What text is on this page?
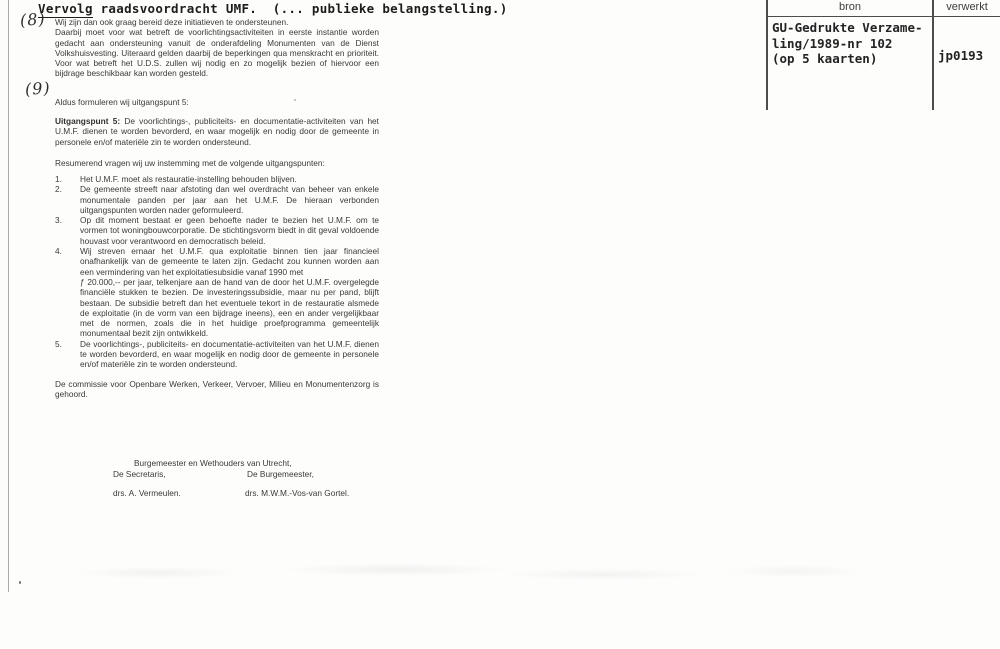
Vervolg raadsvoordracht UMF.  (... publieke belangstelling.)
(8)
(9)

Wij zijn dan ook graag bereid deze initiatieven te ondersteunen.
Daarbij moet voor wat betreft de voorlichtingsactiviteiten in eerste instantie worden gedacht aan ondersteuning vanuit de onderafdeling Monumenten van de Dienst Volkshuisvesting. Uiteraard gelden daarbij de beperkingen qua menskracht en prioriteit. Voor wat betreft het U.D.S. zullen wij nodig en zo mogelijk bezien of hiervoor een bijdrage beschikbaar kan worden gesteld.

Aldus formuleren wij uitgangspunt 5:

Uitgangspunt 5: De voorlichtings-, publiciteits- en documentatie-activiteiten van het U.M.F. dienen te worden bevorderd, en waar mogelijk en nodig door de gemeente in personele en/of materiële zin te worden ondersteund.

Resumerend vragen wij uw instemming met de volgende uitgangspunten:

1.	Het U.M.F. moet als restauratie-instelling behouden blijven.
2.	De gemeente streeft naar afstoting dan wel overdracht van beheer van enkele monumentale panden per jaar aan het U.M.F. De hieraan verbonden uitgangspunten worden nader geformuleerd.
3.	Op dit moment bestaat er geen behoefte nader te bezien het U.M.F. om te vormen tot woningbouwcorporatie. De stichtingsvorm biedt in dit geval voldoende houvast voor verantwoord en democratisch beleid.
4.	Wij streven ernaar het U.M.F. qua exploitatie binnen tien jaar financieel onafhankelijk van de gemeente te laten zijn. Gedacht zou kunnen worden aan een vermindering van het exploitatiesubsidie vanaf 1990 met
ƒ 20.000,-- per jaar, telkenjare aan de hand van de door het U.M.F. overgelegde financiële stukken te bezien. De investeringssubsidie, maar nu per pand, blijft bestaan. De subsidie betreft dan het eventuele tekort in de restauratie alsmede de exploitatie (in de vorm van een bijdrage ineens), een en ander vergelijkbaar met de normen, zoals die in het huidige proefprogramma gemeentelijk monumentaal bezit zijn ontwikkeld.
5.	De voorlichtings-, publiciteits- en documentatie-activiteiten van het U.M.F. dienen te worden bevorderd, en waar mogelijk en nodig door de gemeente in personele en/of materiële zin te worden ondersteund.

De commissie voor Openbare Werken, Verkeer, Vervoer, Milieu en Monumentenzorg is gehoord.

Burgemeester en Wethouders van Utrecht,
De Secretaris,	De Burgemeester,
drs. A. Vermeulen.	drs. M.W.M.-Vos-van Gortel.
bron	verwerkt
GU-Gedrukte Verzame-
ling/1989-nr 102
(op 5 kaarten)	jp0193
